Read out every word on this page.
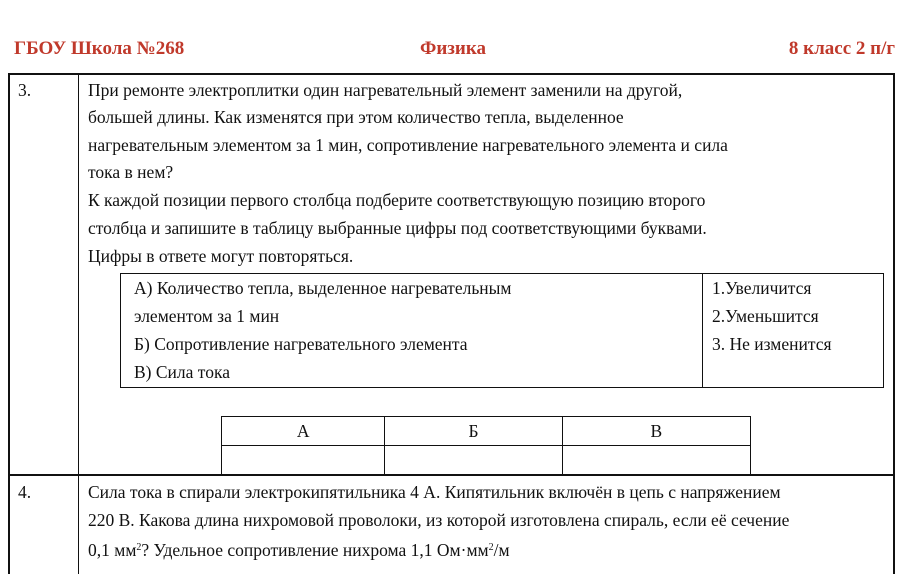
ГБОУ Школа №268	Физика	8 класс 2 п/г
3.	При ремонте электроплитки один нагревательный элемент заменили на другой,
большей длины. Как изменятся при этом количество тепла, выделенное
нагревательным элементом за 1 мин, сопротивление нагревательного элемента и сила
тока в нем?
К каждой позиции первого столбца подберите соответствующую позицию второго
столбца и запишите в таблицу выбранные цифры под соответствующими буквами.
Цифры в ответе могут повторяться.
А) Количество тепла, выделенное нагревательным
элементом за 1 мин
Б) Сопротивление нагревательного элемента
В) Сила тока
1.Увеличится
2.Уменьшится
3. Не изменится
А	Б	В

4.	Сила тока в спирали электрокипятильника 4 А. Кипятильник включён в цепь с напряжением
220 В. Какова длина нихромовой проволоки, из которой изготовлена спираль, если её сечение
0,1 $мм^2$? Удельное сопротивление нихрома 1,1 $Ом\cdot мм^2/м$
